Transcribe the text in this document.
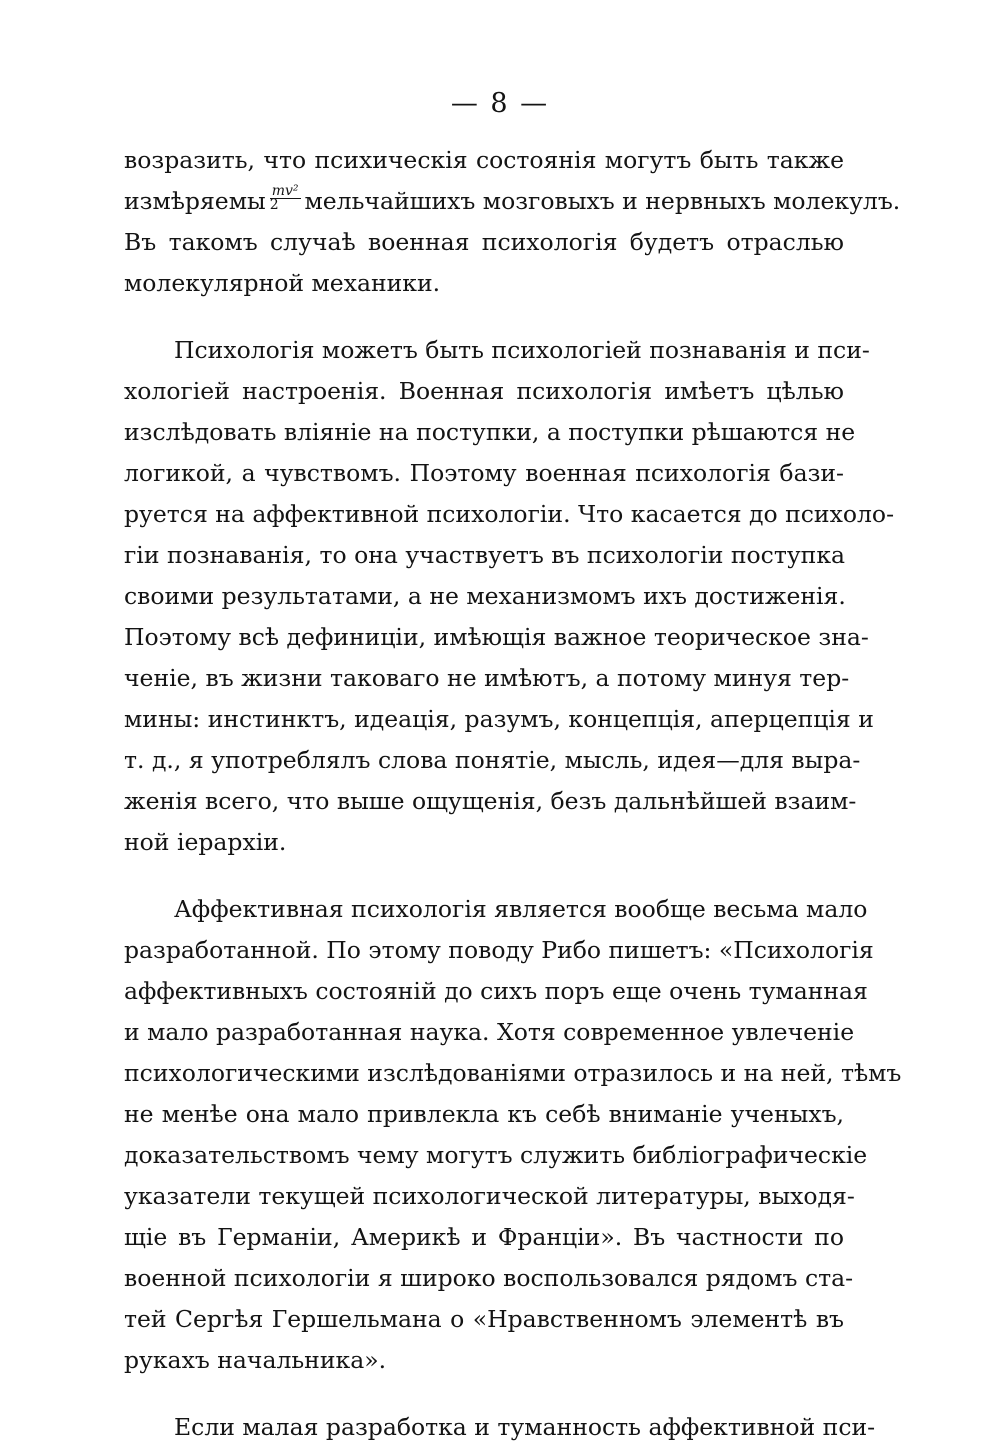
— 8 —
возразить, что психическія состоянія могутъ быть также
измѣряемы $\frac{\text{mv²}}{2}$ мельчайшихъ мозговыхъ и нервныхъ молекулъ.
Въ такомъ случаѣ военная психологія будетъ отраслью
молекулярной механики.
Психологія можетъ быть психологіей познаванія и пси-
хологіей настроенія. Военная психологія имѣетъ цѣлью
изслѣдовать вліяніе на поступки, а поступки рѣшаются не
логикой, а чувствомъ. Поэтому военная психологія бази-
руется на аффективной психологіи. Что касается до психоло-
гіи познаванія, то она участвуетъ въ психологіи поступка
своими результатами, а не механизмомъ ихъ достиженія.
Поэтому всѣ дефиниціи, имѣющія важное теорическое зна-
ченіе, въ жизни таковаго не имѣютъ, а потому минуя тер-
мины: инстинктъ, идеація, разумъ, концепція, аперцепція и
т. д., я употреблялъ слова понятіе, мысль, идея—для выра-
женія всего, что выше ощущенія, безъ дальнѣйшей взаим-
ной іерархіи.
Аффективная психологія является вообще весьма мало
разработанной. По этому поводу Рибо пишетъ: «Психологія
аффективныхъ состояній до сихъ поръ еще очень туманная
и мало разработанная наука. Хотя современное увлеченіе
психологическими изслѣдованіями отразилось и на ней, тѣмъ
не менѣе она мало привлекла къ себѣ вниманіе ученыхъ,
доказательствомъ чему могутъ служить библіографическіе
указатели текущей психологической литературы, выходя-
щіе въ Германіи, Америкѣ и Франціи». Въ частности по
военной психологіи я широко воспользовался рядомъ ста-
тей Сергѣя Гершельмана о «Нравственномъ элементѣ въ
рукахъ начальника».
Если малая разработка и туманность аффективной пси-
